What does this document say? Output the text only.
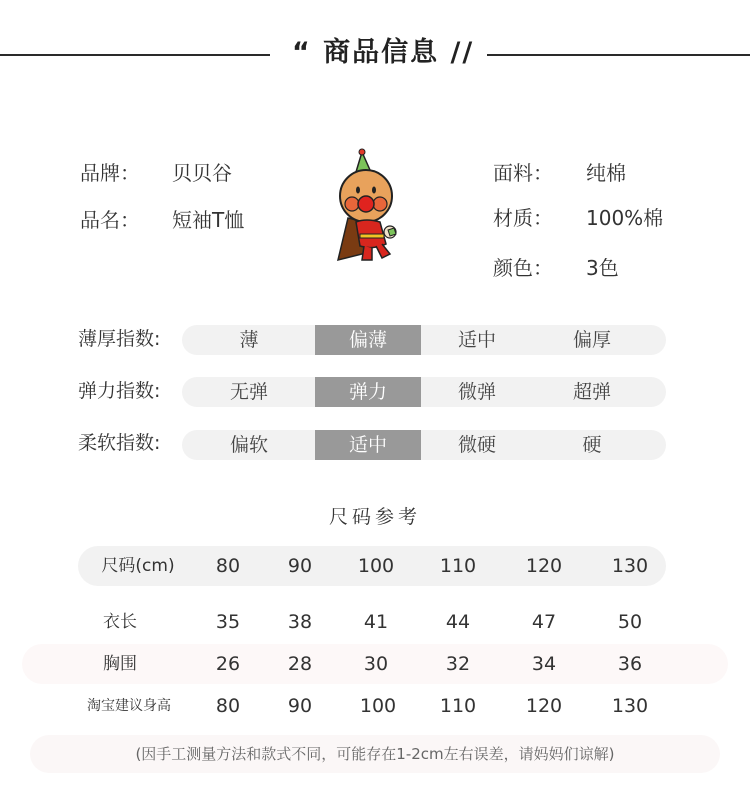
“ 商品信息 //
品牌： 贝贝谷
品名： 短袖T恤
面料： 纯棉
材质： 100%棉
颜色： 3色
薄厚指数:	薄	偏薄	适中	偏厚
弹力指数:	无弹	弹力	微弹	超弹
柔软指数:	偏软	适中	微硬	硬
尺码参考
尺码(cm)	80	90	100	110	120	130
衣长	35	38	41	44	47	50
胸围	26	28	30	32	34	36
淘宝建议身高	80	90	100	110	120	130
(因手工测量方法和款式不同，可能存在1-2cm左右误差，请妈妈们谅解)
